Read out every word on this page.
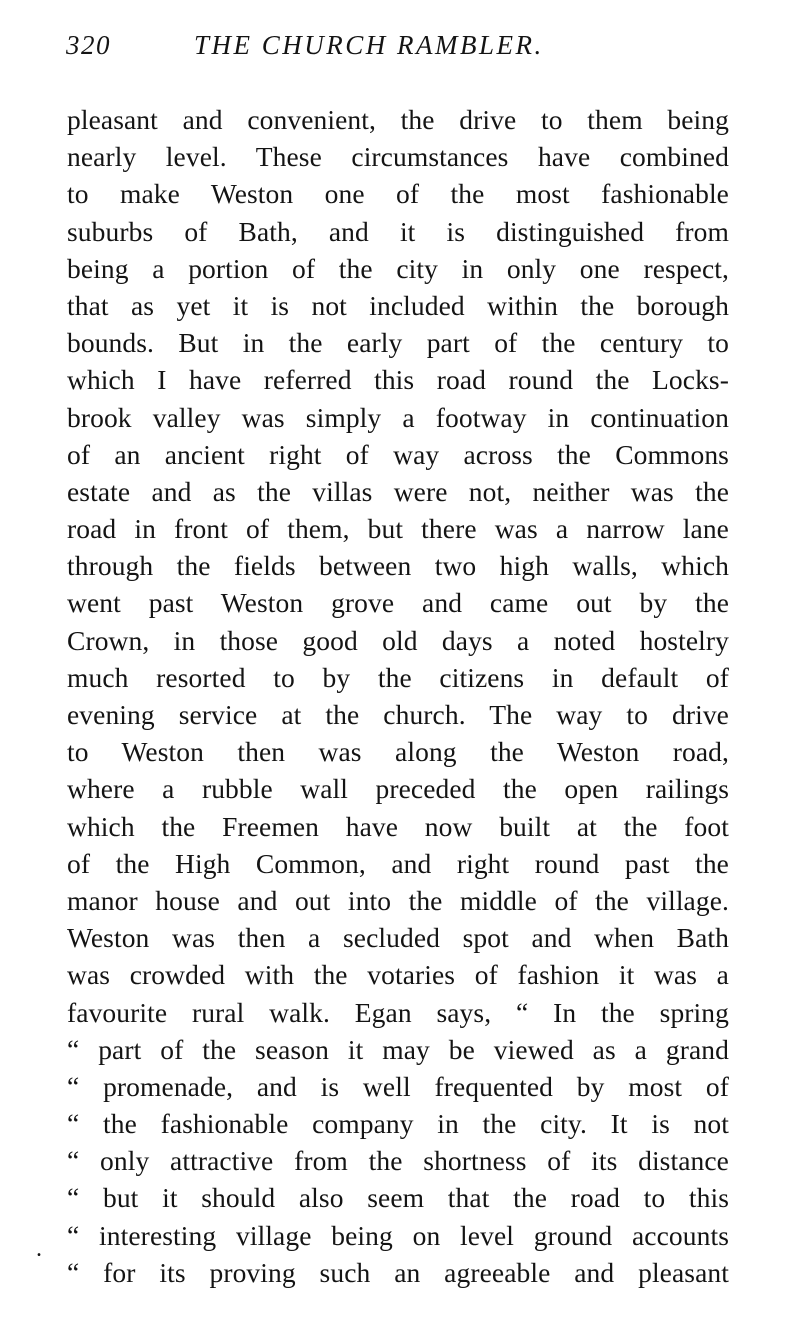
320	THE CHURCH RAMBLER.
pleasant and convenient, the drive to them being
nearly level. These circumstances have combined
to make Weston one of the most fashionable
suburbs of Bath, and it is distinguished from
being a portion of the city in only one respect,
that as yet it is not included within the borough
bounds. But in the early part of the century to
which I have referred this road round the Locks-
brook valley was simply a footway in continuation
of an ancient right of way across the Commons
estate and as the villas were not, neither was the
road in front of them, but there was a narrow lane
through the fields between two high walls, which
went past Weston grove and came out by the
Crown, in those good old days a noted hostelry
much resorted to by the citizens in default of
evening service at the church. The way to drive
to Weston then was along the Weston road,
where a rubble wall preceded the open railings
which the Freemen have now built at the foot
of the High Common, and right round past the
manor house and out into the middle of the village.
Weston was then a secluded spot and when Bath
was crowded with the votaries of fashion it was a
favourite rural walk. Egan says, “ In the spring
“ part of the season it may be viewed as a grand
“ promenade, and is well frequented by most of
“ the fashionable company in the city. It is not
“ only attractive from the shortness of its distance
“ but it should also seem that the road to this
“ interesting village being on level ground accounts
“ for its proving such an agreeable and pleasant
.
